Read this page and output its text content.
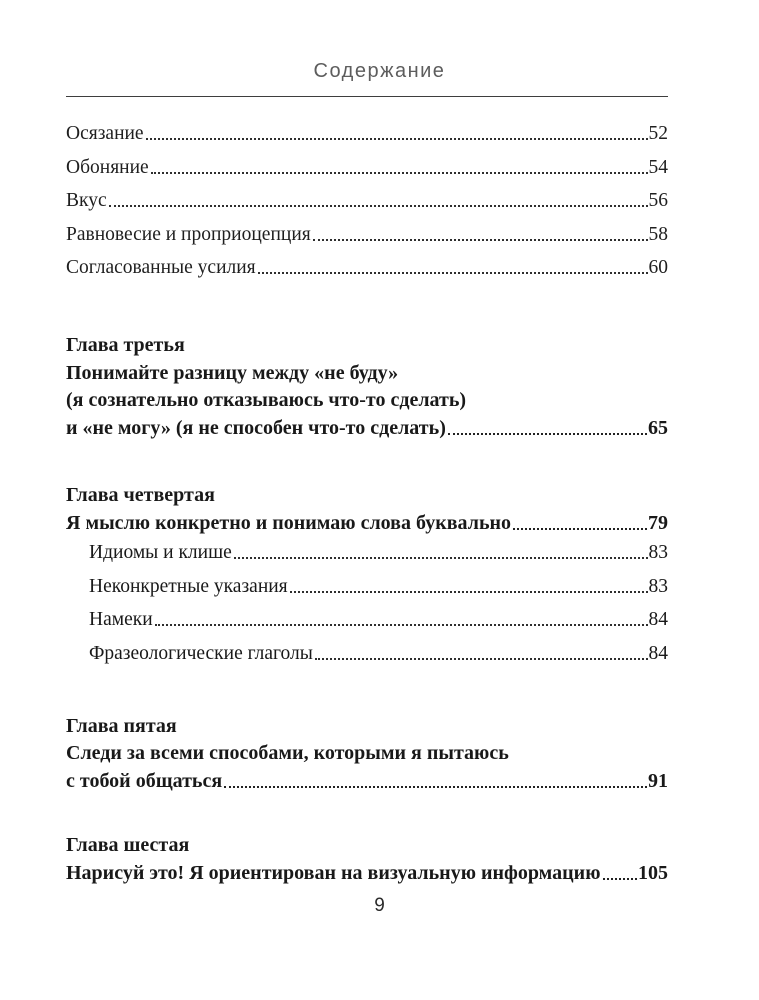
Содержание
Осязание	52
Обоняние	54
Вкус	56
Равновесие и проприоцепция	58
Согласованные усилия	60
Глава третья
Понимайте разницу между «не буду»
(я сознательно отказываюсь что-то сделать)
и «не могу» (я не способен что-то сделать)	65
Глава четвертая
Я мыслю конкретно и понимаю слова буквально	79
Идиомы и клише	83
Неконкретные указания	83
Намеки	84
Фразеологические глаголы	84
Глава пятая
Следи за всеми способами, которыми я пытаюсь
с тобой общаться	91
Глава шестая
Нарисуй это! Я ориентирован на визуальную информацию 105
9
